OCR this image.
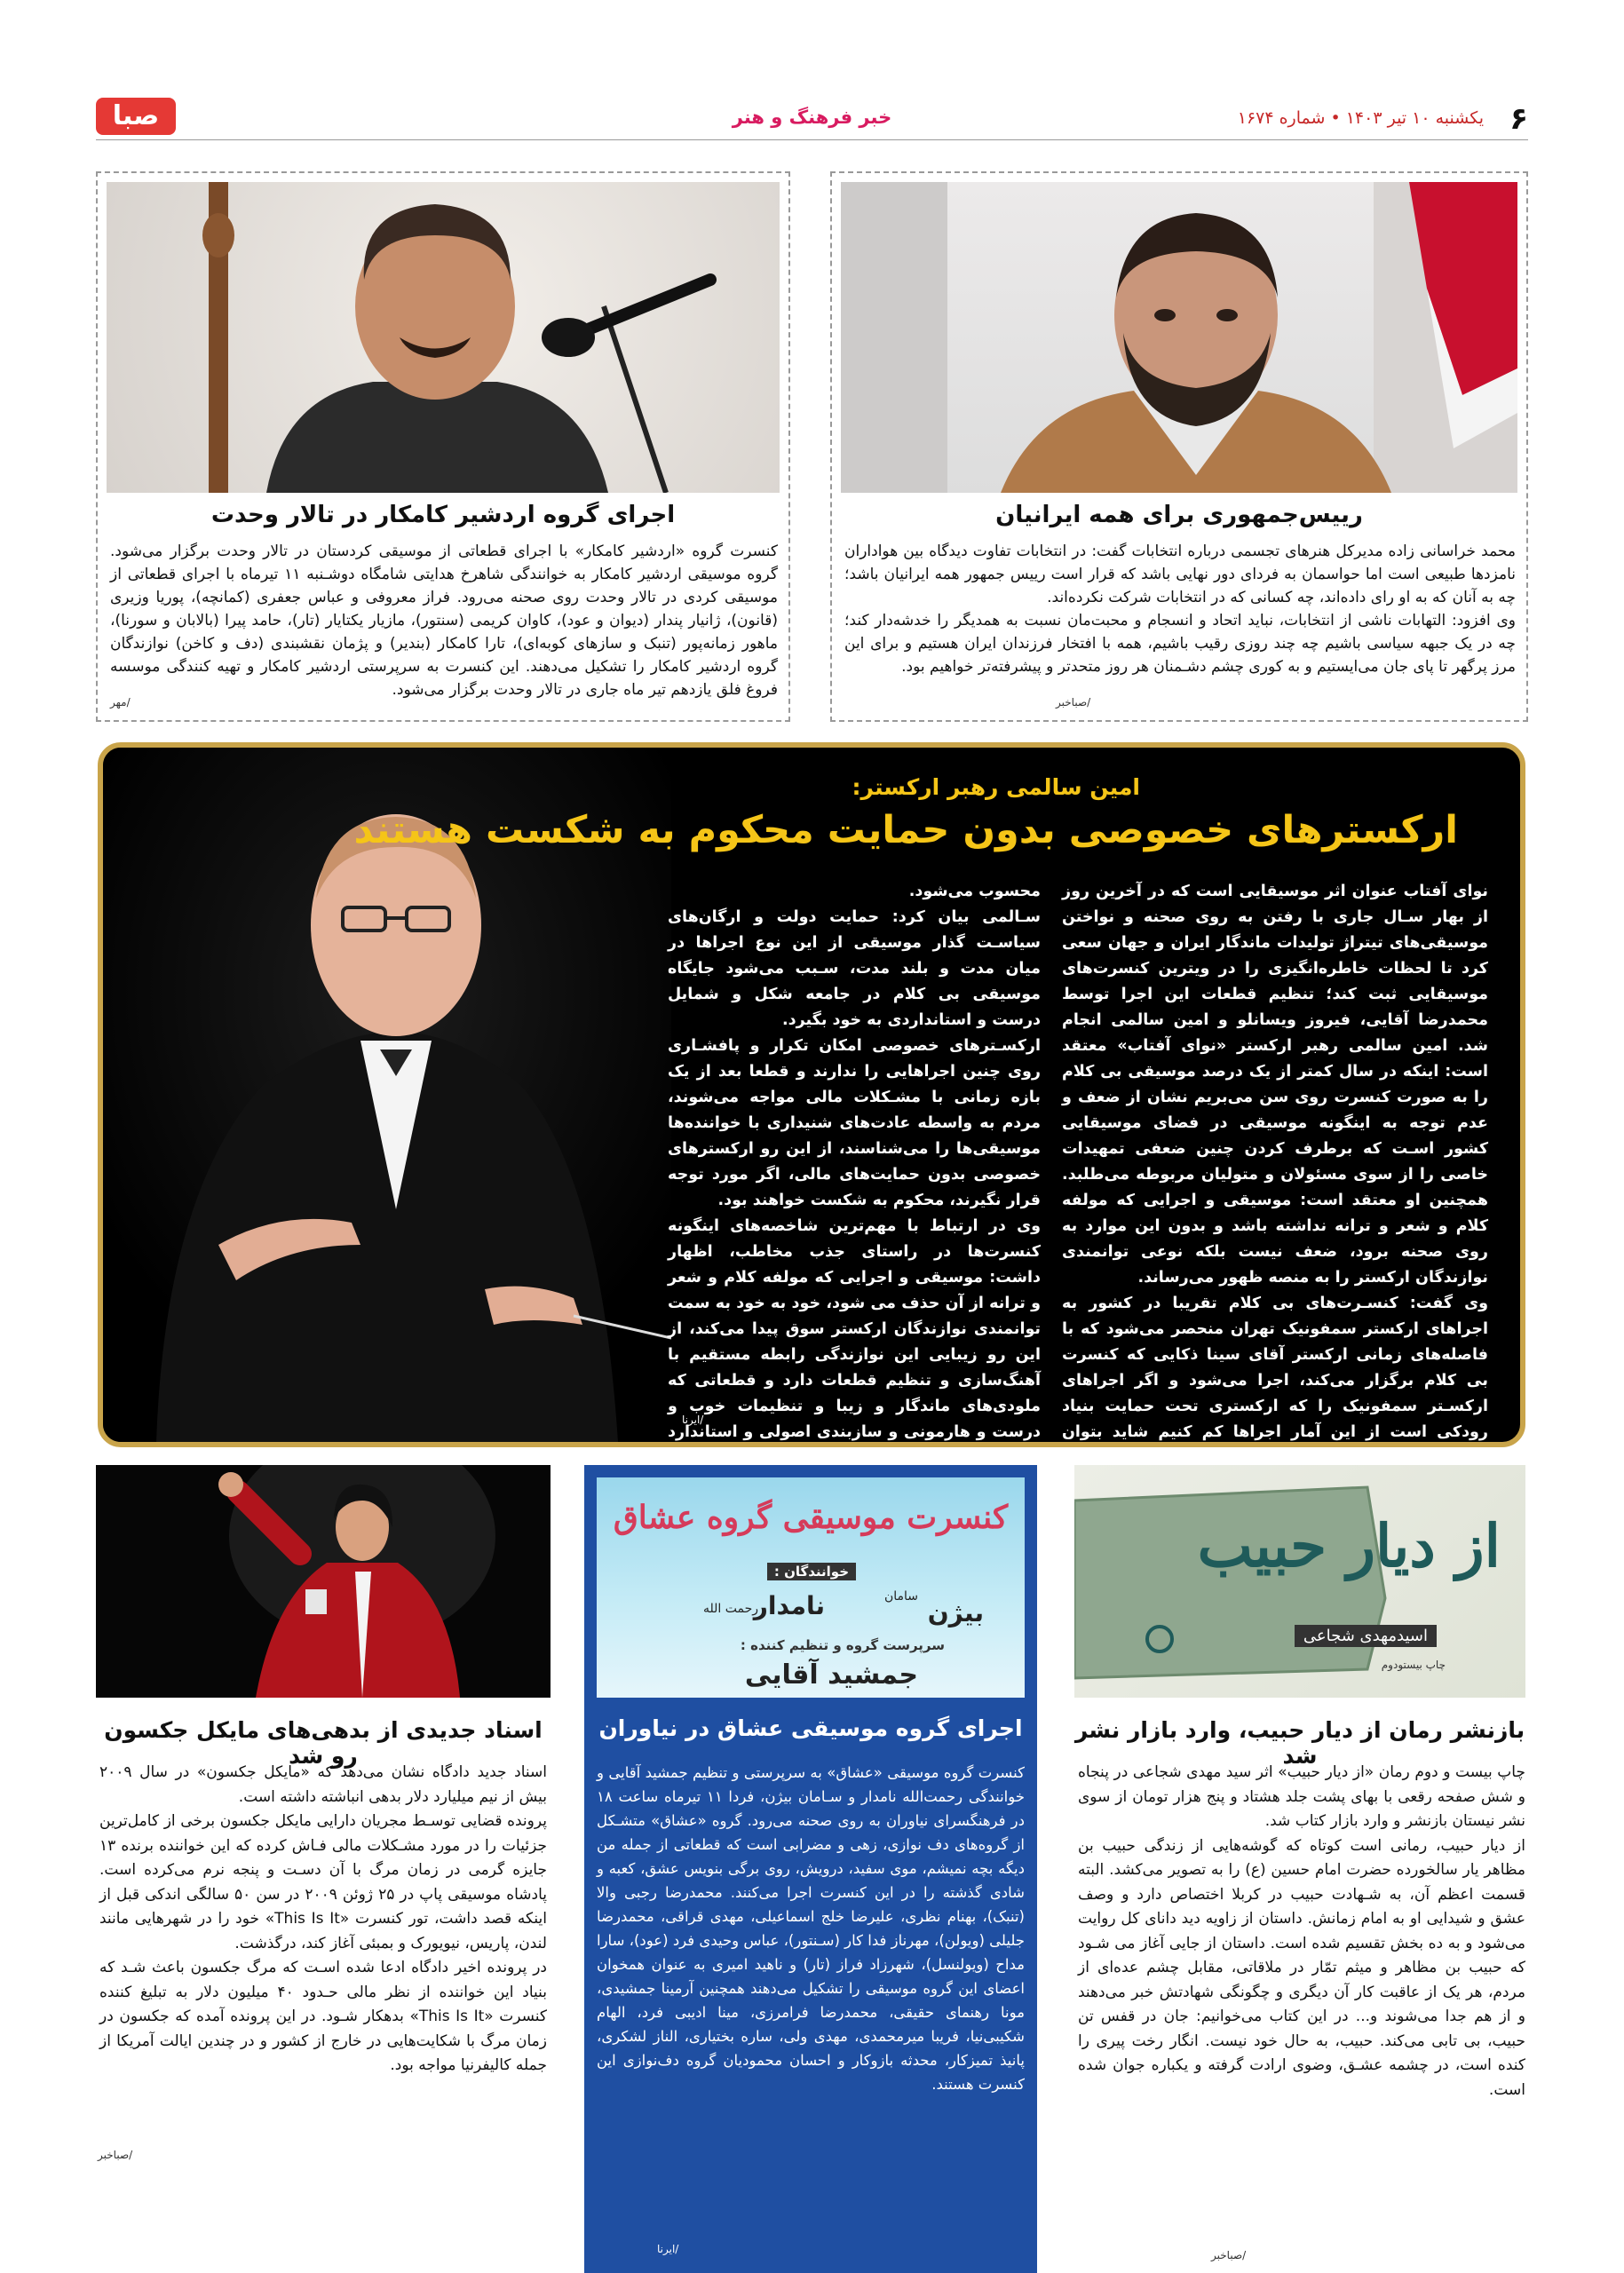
۶
یکشنبه ۱۰ تیر ۱۴۰۳ • شماره ۱۶۷۴
خبر فرهنگ و هنر
صبا
رییس‌جمهوری برای همه ایرانیان
محمد خراسانی زاده مدیرکل هنرهای تجسمی درباره انتخابات گفت: در انتخابات تفاوت دیدگاه بین هواداران نامزدها طبیعی است اما حواسمان به فردای دور نهایی باشد که قرار است رییس جمهور همه ایرانیان باشد؛ چه به آنان که به او رای داده‌اند، چه کسانی که در انتخابات شرکت نکرده‌اند.
وی افزود: التهابات ناشی از انتخابات، نباید اتحاد و انسجام و محبت‌مان نسبت به همدیگر را خدشه‌دار کند؛ چه در یک جبهه سیاسی باشیم چه چند روزی رقیب باشیم، همه با افتخار فرزندان ایران هستیم و برای این مرز پرگهر تا پای جان می‌ایستیم و به کوری چشم دشـمنان هر روز متحدتر و پیشرفته‌تر خواهیم بود.
/صباخبر
اجرای گروه اردشیر کامکار در تالار وحدت
کنسرت گروه «اردشیر کامکار» با اجرای قطعاتی از موسیقی کردستان در تالار وحدت برگزار می‌شود. گروه موسیقی اردشیر کامکار به خوانندگی شاهرخ هدایتی شامگاه دوشـنبه ۱۱ تیرماه با اجرای قطعاتی از موسیقی کردی در تالار وحدت روی صحنه می‌رود. فراز معروفی و عباس جعفری (کمانچه)، پوریا وزیری (قانون)، ژانیار پندار (دیوان و عود)، کاوان کریمی (سنتور)، مازیار یکتایار (تار)، حامد پیرا (بالابان و سورنا)، ماهور زمانه‌پور (تنبک و سازهای کوبه‌ای)، تارا کامکار (بندیر) و پژمان نقشبندی (دف و کاخن) نوازندگان گروه اردشیر کامکار را تشکیل می‌دهند. این کنسرت به سرپرستی اردشیر کامکار و تهیه کنندگی موسسه فروغ فلق یازدهم تیر ماه جاری در تالار وحدت برگزار می‌شود.
/مهر
امین سالمی رهبر ارکستر:
ارکسترهای خصوصی بدون حمایت محکوم به شکست هستند
نوای آفتاب عنوان اثر موسیقایی است که در آخرین روز از بهار سـال جاری با رفتن به روی صحنه و نواختن موسیقی‌های تیتراژ تولیدات ماندگار ایران و جهان سعی کرد تا لحظات خاطره‌انگیزی را در ویترین کنسرت‌های موسیقایی ثبت کند؛ تنظیم قطعات این اجرا توسط محمدرضا آقایی، فیروز ویسانلو و امین سالمی انجام شد. امین سالمی رهبر ارکستر «نوای آفتاب» معتقد است: اینکه در سال کمتر از یک درصد موسیقی بی کلام را به صورت کنسرت روی سن می‌بریم نشان از ضعف و عدم توجه به اینگونه موسیقی در فضای موسیقایی کشور اسـت که برطرف کردن چنین ضعفی تمهیدات خاصی را از سوی مسئولان و متولیان مربوطه می‌طلبد. همچنین او معتقد است: موسیقی و اجرایی که مولفه کلام و شعر و ترانه نداشته باشد و بدون این موارد به روی صحنه برود، ضعف نیست بلکه نوعی توانمندی نوازندگان ارکستر را به منصه ظهور می‌رساند.
وی گفت: کنسـرت‌های بی کلام تقریبا در کشور به اجراهای ارکستر سمفونیک تهران منحصر می‌شود که با فاصله‌های زمانی ارکستر آقای سینا ذکایی که کنسرت بی کلام برگزار می‌کند، اجرا می‌شود و اگر اجراهای ارکسـتر سمفونیک را که ارکستری تحت حمایت بنیاد رودکی است از این آمار اجراها کم کنیم شاید بتوان
محسوب می‌شود.
سـالمی بیان کرد: حمایت دولت و ارگان‌های سیاسـت گذار موسیقی از این نوع اجراها در میان مدت و بلند مدت، سـبب می‌شود جایگاه موسیقی بی کلام در جامعه شکل و شمایل درست و استانداردی به خود بگیرد.
ارکسـترهای خصوصی امکان تکرار و پافشـاری روی چنین اجراهایی را ندارند و قطعا بعد از یک بازه زمانی با مشـکلات مالی مواجه می‌شوند، مردم به واسطه عادت‌های شنیداری با خواننده‌ها موسیقی‌ها را می‌شناسند، از این رو ارکسترهای خصوصی بدون حمایت‌های مالی، اگر مورد توجه قرار نگیرند، محکوم به شکست خواهند بود.
وی در ارتباط با مهم‌ترین شاخصه‌های اینگونه کنسرت‌ها در راستای جذب مخاطب، اظهار داشت: موسیقی و اجرایی که مولفه کلام و شعر و ترانه از آن حذف می شود، خود به خود به سمت توانمندی نوازندگان ارکستر سوق پیدا می‌کند، از این رو زیبایی این نوازندگی رابطه مستقیم با آهنگ‌سازی و تنظیم قطعات دارد و قطعاتی که ملودی‌های ماندگار و زیبا و تنظیمات خوب و درست و هارمونی و سازبندی اصولی و استاندارد
/ایرنا
از دیار حبیب
اسیدمهدی شجاعی
چاپ بیستودوم
بازنشر رمان از دیار حبیب، وارد بازار نشر شد
چاپ بیست و دوم رمان «از دیار حبیب» اثر سید مهدی شجاعی در پنجاه و شش صفحه رقعی با بهای پشت جلد هشتاد و پنج هزار تومان از سوی نشر نیستان بازنشر و وارد بازار کتاب شد.
از دیار حبیب، رمانی است کوتاه که گوشه‌هایی از زندگی حبیب بن مظاهر یار سالخورده حضرت امام حسین (ع) را به تصویر می‌کشد. البته قسمت اعظم آن، به شـهادت حبیب در کربلا اختصاص دارد و وصف عشق و شیدایی او به امام زمانش. داستان از زاویه دید دانای کل روایت می‌شود و به ده بخش تقسیم شده است. داستان از جایی آغاز می شـود که حبیب بن مظاهر و میثم تمّار در ملاقاتی، مقابل چشم عده‌ای از مردم، هر یک از عاقبت کار آن دیگری و چگونگی شهادتش خبر می‌دهند و از هم جدا می‌شوند و... در این کتاب می‌خوانیم: جان در قفس تن حبیب، بی تابی می‌کند. حبیب، به حال خود نیست. انگار رخت پیری را کنده است، در چشمه عشـق، وضوی ارادت گرفته و یکباره جوان شده است.
/صباخبر
کنسرت موسیقی گروه عشاق
خوانندگان :
رحمت الله
نامدار	سامان
بیژن
سرپرست گروه و تنظیم کننده :
جمشید آقایی
اجرای گروه موسیقی عشاق در نیاوران
کنسرت گروه موسیقی «عشاق» به سرپرستی و تنظیم جمشید آقایی و خوانندگی رحمت‌الله نامدار و سـامان بیژن، فردا ۱۱ تیرماه ساعت ۱۸ در فرهنگسرای نیاوران به روی صحنه می‌رود. گروه «عشاق» متشـکل از گروه‌های دف نوازی، زهی و مضرابی است که قطعاتی از جمله من دیگه بچه نمیشم، موی سفید، درویش، روی برگی بنویس عشق، کعبه و شادی گذشته را در این کنسرت اجرا می‌کنند. محمدرضا رجبی والا (تنبک)، بهنام نظری، علیرضا خلج اسماعیلی، مهدی قراقی، محمدرضا جلیلی (ویولن)، مهرناز فدا کار (سـنتور)، عباس وحیدی فرد (عود)، سارا مداح (ویولنسل)، شهرزاد فراز (تار) و ناهید امیری به عنوان همخوان اعضای این گروه موسیقی را تشکیل می‌دهند همچنین آرمینا جمشیدی، مونا رهنمای حقیقی، محمدرضا فرامرزی، مینا ادیبی فرد، الهام شکیبی‌نیا، فریبا میرمحمدی، مهدی ولی، ساره بختیاری، الناز لشکری، پانیذ تمیزکار، محدثه بازوکار و احسان محمودیان گروه دف‌نوازی این کنسرت هستند.
/ایرنا
اسناد جدیدی از بدهی‌های مایکل جکسون رو شد
اسناد جدید دادگاه نشان می‌دهد که «مایکل جکسون» در سال ۲۰۰۹ بیش از نیم میلیارد دلار بدهی انباشته داشته است.
پرونده قضایی توسـط مجریان دارایی مایکل جکسون برخی از کامل‌ترین جزئیات را در مورد مشـکلات مالی فـاش کرده که این خواننده برنده ۱۳ جایزه گرمی در زمان مرگ با آن دسـت و پنجه نرم می‌کرده است. پادشاه موسیقی پاپ در ۲۵ ژوئن ۲۰۰۹ در سن ۵۰ سالگی اندکی قبل از اینکه قصد داشت، تور کنسرت «This Is It» خود را در شهرهایی مانند لندن، پاریس، نیویورک و بمبئی آغاز کند، درگذشت.
در پرونده اخیر دادگاه ادعا شده اسـت که مرگ جکسون باعث شـد که بنیاد این خواننده از نظر مالی حـدود ۴۰ میلیون دلار به تبلیغ کننده کنسرت «This Is It» بدهکار شـود. در این پرونده آمده که جکسون در زمان مرگ با شکایت‌هایی در خارج از کشور و در چندین ایالت آمریکا از جمله کالیفرنیا مواجه بود.
/صباخبر
